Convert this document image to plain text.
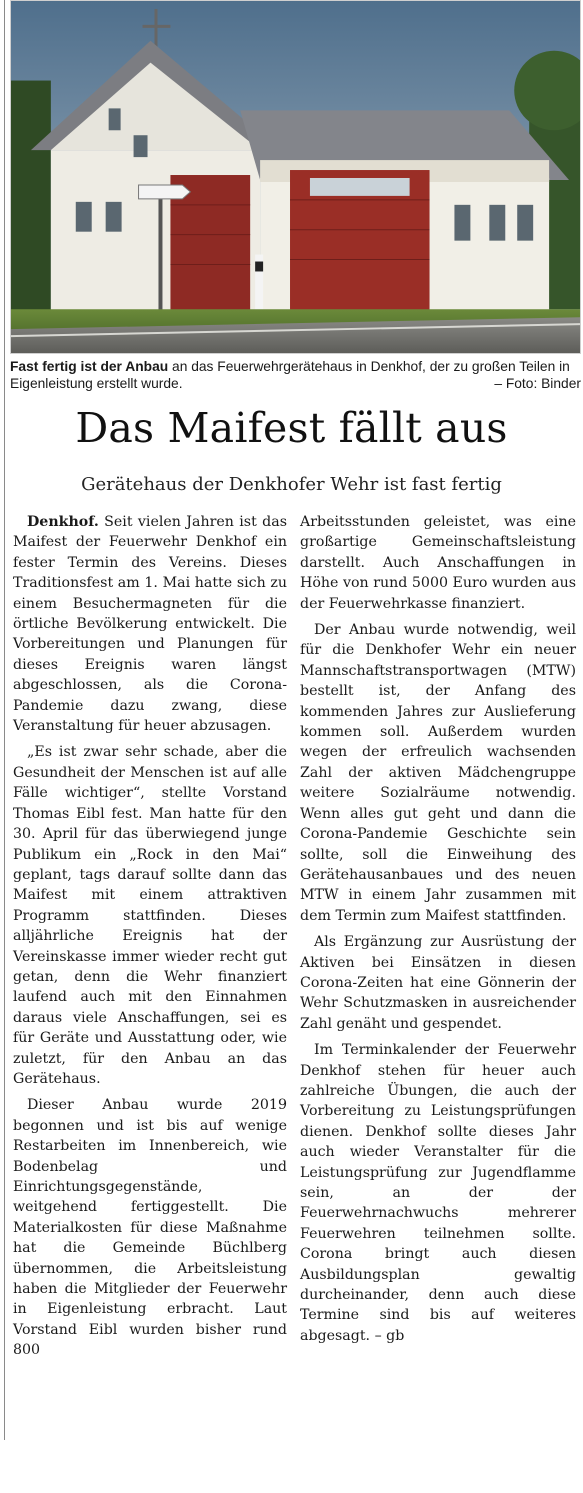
Fast fertig ist der Anbau an das Feuerwehrgerätehaus in Denkhof, der zu großen Teilen in Eigenleistung erstellt wurde.	– Foto: Binder
Das Maifest fällt aus
Gerätehaus der Denkhofer Wehr ist fast fertig

Denkhof. Seit vielen Jahren ist das Maifest der Feuerwehr Denkhof ein fester Termin des Vereins. Dieses Traditionsfest am 1. Mai hatte sich zu einem Besuchermagneten für die örtliche Bevölkerung entwickelt. Die Vorbereitungen und Planungen für dieses Ereignis waren längst abgeschlossen, als die Corona-Pandemie dazu zwang, diese Veranstaltung für heuer abzusagen.

„Es ist zwar sehr schade, aber die Gesundheit der Menschen ist auf alle Fälle wichtiger“, stellte Vorstand Thomas Eibl fest. Man hatte für den 30. April für das überwiegend junge Publikum ein „Rock in den Mai“ geplant, tags darauf sollte dann das Maifest mit einem attraktiven Programm stattfinden. Dieses alljährliche Ereignis hat der Vereinskasse immer wieder recht gut getan, denn die Wehr finanziert laufend auch mit den Einnahmen daraus viele Anschaffungen, sei es für Geräte und Ausstattung oder, wie zuletzt, für den Anbau an das Gerätehaus.

Dieser Anbau wurde 2019 begonnen und ist bis auf wenige Restarbeiten im Innenbereich, wie Bodenbelag und Einrichtungsgegenstände, weitgehend fertiggestellt. Die Materialkosten für diese Maßnahme hat die Gemeinde Büchlberg übernommen, die Arbeitsleistung haben die Mitglieder der Feuerwehr in Eigenleistung erbracht. Laut Vorstand Eibl wurden bisher rund 800

Arbeitsstunden geleistet, was eine großartige Gemeinschaftsleistung darstellt. Auch Anschaffungen in Höhe von rund 5000 Euro wurden aus der Feuerwehrkasse finanziert.

Der Anbau wurde notwendig, weil für die Denkhofer Wehr ein neuer Mannschaftstransportwagen (MTW) bestellt ist, der Anfang des kommenden Jahres zur Auslieferung kommen soll. Außerdem wurden wegen der erfreulich wachsenden Zahl der aktiven Mädchengruppe weitere Sozialräume notwendig. Wenn alles gut geht und dann die Corona-Pandemie Geschichte sein sollte, soll die Einweihung des Gerätehausanbaues und des neuen MTW in einem Jahr zusammen mit dem Termin zum Maifest stattfinden.

Als Ergänzung zur Ausrüstung der Aktiven bei Einsätzen in diesen Corona-Zeiten hat eine Gönnerin der Wehr Schutzmasken in ausreichender Zahl genäht und gespendet.

Im Terminkalender der Feuerwehr Denkhof stehen für heuer auch zahlreiche Übungen, die auch der Vorbereitung zu Leistungsprüfungen dienen. Denkhof sollte dieses Jahr auch wieder Veranstalter für die Leistungsprüfung zur Jugendflamme sein, an der der Feuerwehrnachwuchs mehrerer Feuerwehren teilnehmen sollte. Corona bringt auch diesen Ausbildungsplan gewaltig durcheinander, denn auch diese Termine sind bis auf weiteres abgesagt. – gb
